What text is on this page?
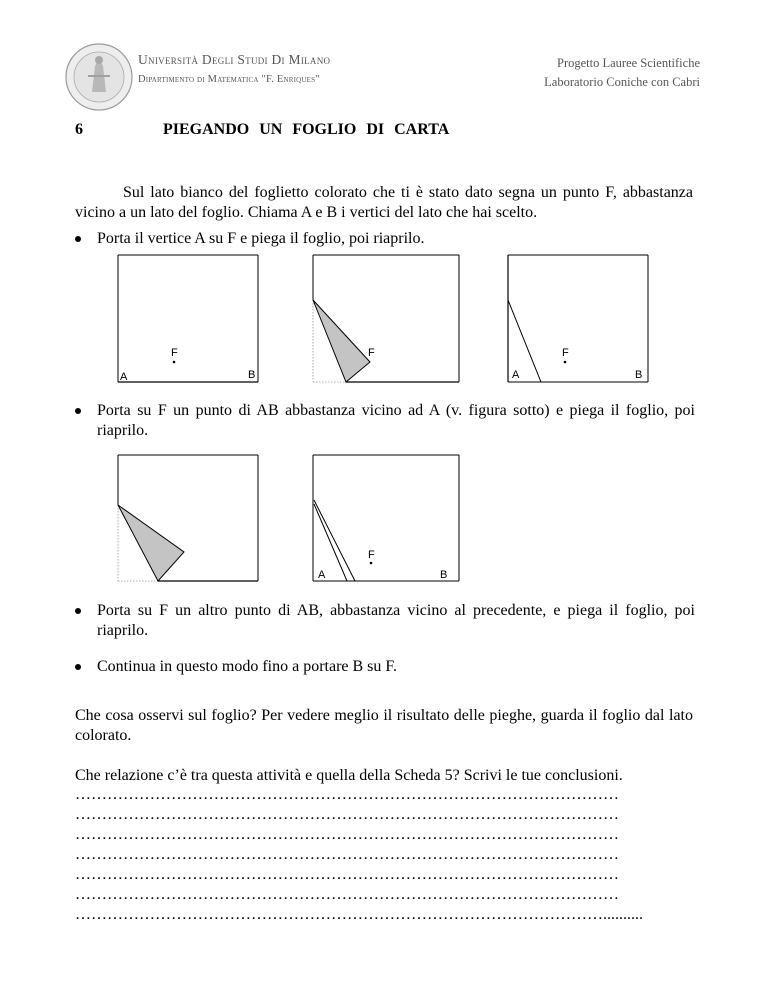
Università Degli Studi Di Milano
Dipartimento di Matematica "F. Enriques"
Progetto Lauree Scientifiche
Laboratorio Coniche con Cabri
6	PIEGANDO UN FOGLIO DI CARTA
Sul lato bianco del foglietto colorato che ti è stato dato segna un punto F, abbastanza vicino a un lato del foglio. Chiama A e B i vertici del lato che hai scelto.
Porta il vertice A su F e piega il foglio, poi riaprilo.
F
A	B
F	F
A	B
Porta su F un punto di AB abbastanza vicino ad A (v. figura sotto) e piega il foglio, poi riaprilo.
F
A	B
Porta su F un altro punto di AB, abbastanza vicino al precedente, e piega il foglio, poi riaprilo.
Continua in questo modo fino a portare B su F.
Che cosa osservi sul foglio? Per vedere meglio il risultato delle pieghe, guarda il foglio dal lato colorato.
Che relazione c’è tra questa attività e quella della Scheda 5? Scrivi le tue conclusioni.
…………………………………………………………………………………………
…………………………………………………………………………………………
…………………………………………………………………………………………
…………………………………………………………………………………………
…………………………………………………………………………………………
…………………………………………………………………………………………
………………………………………………………………………………………..........
